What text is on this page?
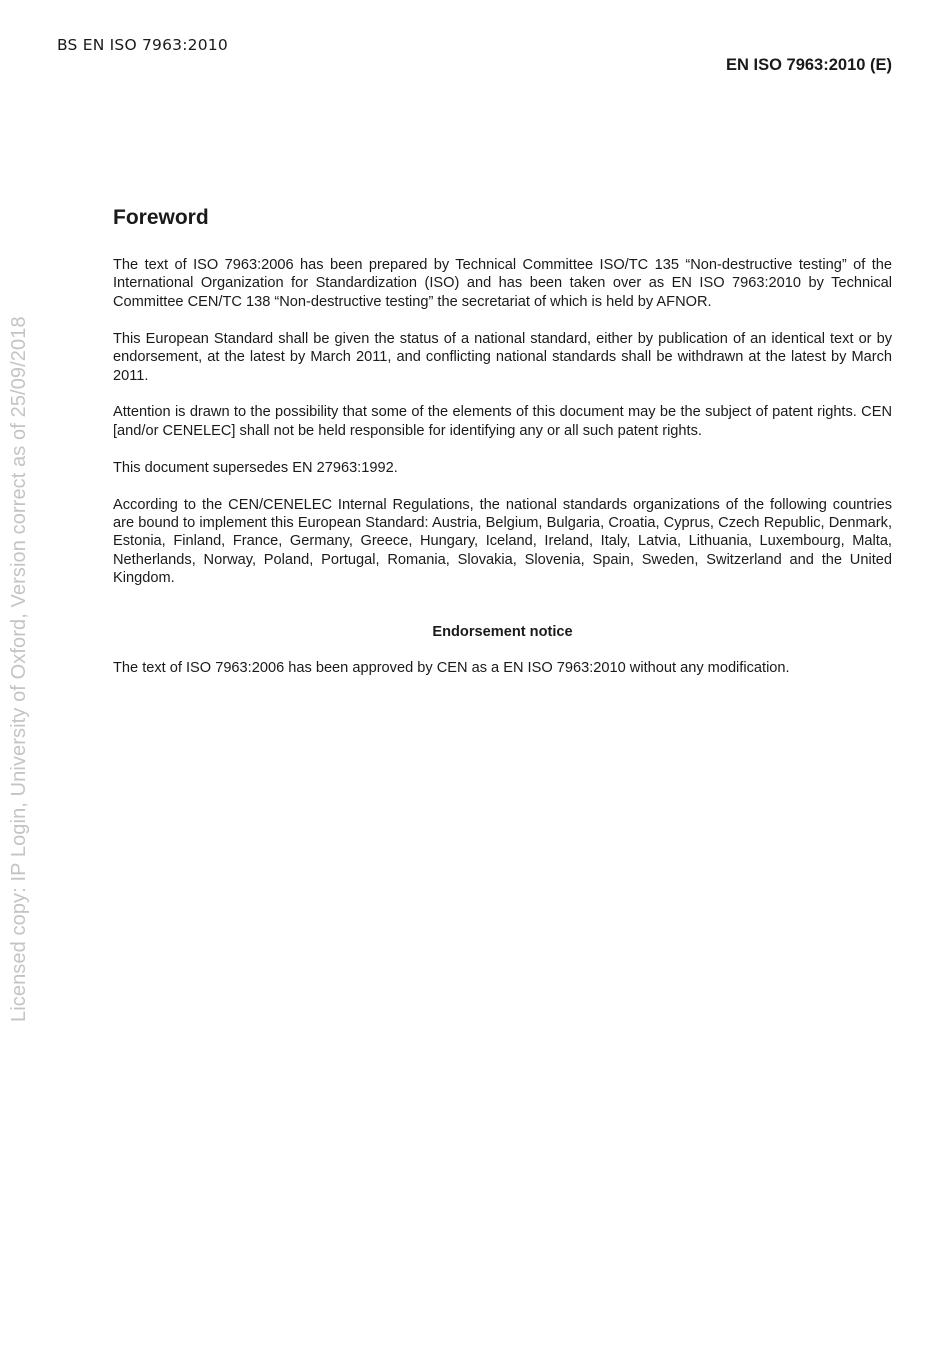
BS EN ISO 7963:2010
EN ISO 7963:2010 (E)
Licensed copy: IP Login, University of Oxford, Version correct as of 25/09/2018
Foreword

The text of ISO 7963:2006 has been prepared by Technical Committee ISO/TC 135 “Non-destructive testing” of the International Organization for Standardization (ISO) and has been taken over as EN ISO 7963:2010 by Technical Committee CEN/TC 138 “Non-destructive testing” the secretariat of which is held by AFNOR.

This European Standard shall be given the status of a national standard, either by publication of an identical text or by endorsement, at the latest by March 2011, and conflicting national standards shall be withdrawn at the latest by March 2011.

Attention is drawn to the possibility that some of the elements of this document may be the subject of patent rights. CEN [and/or CENELEC] shall not be held responsible for identifying any or all such patent rights.

This document supersedes EN 27963:1992.

According to the CEN/CENELEC Internal Regulations, the national standards organizations of the following countries are bound to implement this European Standard: Austria, Belgium, Bulgaria, Croatia, Cyprus, Czech Republic, Denmark, Estonia, Finland, France, Germany, Greece, Hungary, Iceland, Ireland, Italy, Latvia, Lithuania, Luxembourg, Malta, Netherlands, Norway, Poland, Portugal, Romania, Slovakia, Slovenia, Spain, Sweden, Switzerland and the United Kingdom.

Endorsement notice

The text of ISO 7963:2006 has been approved by CEN as a EN ISO 7963:2010 without any modification.
